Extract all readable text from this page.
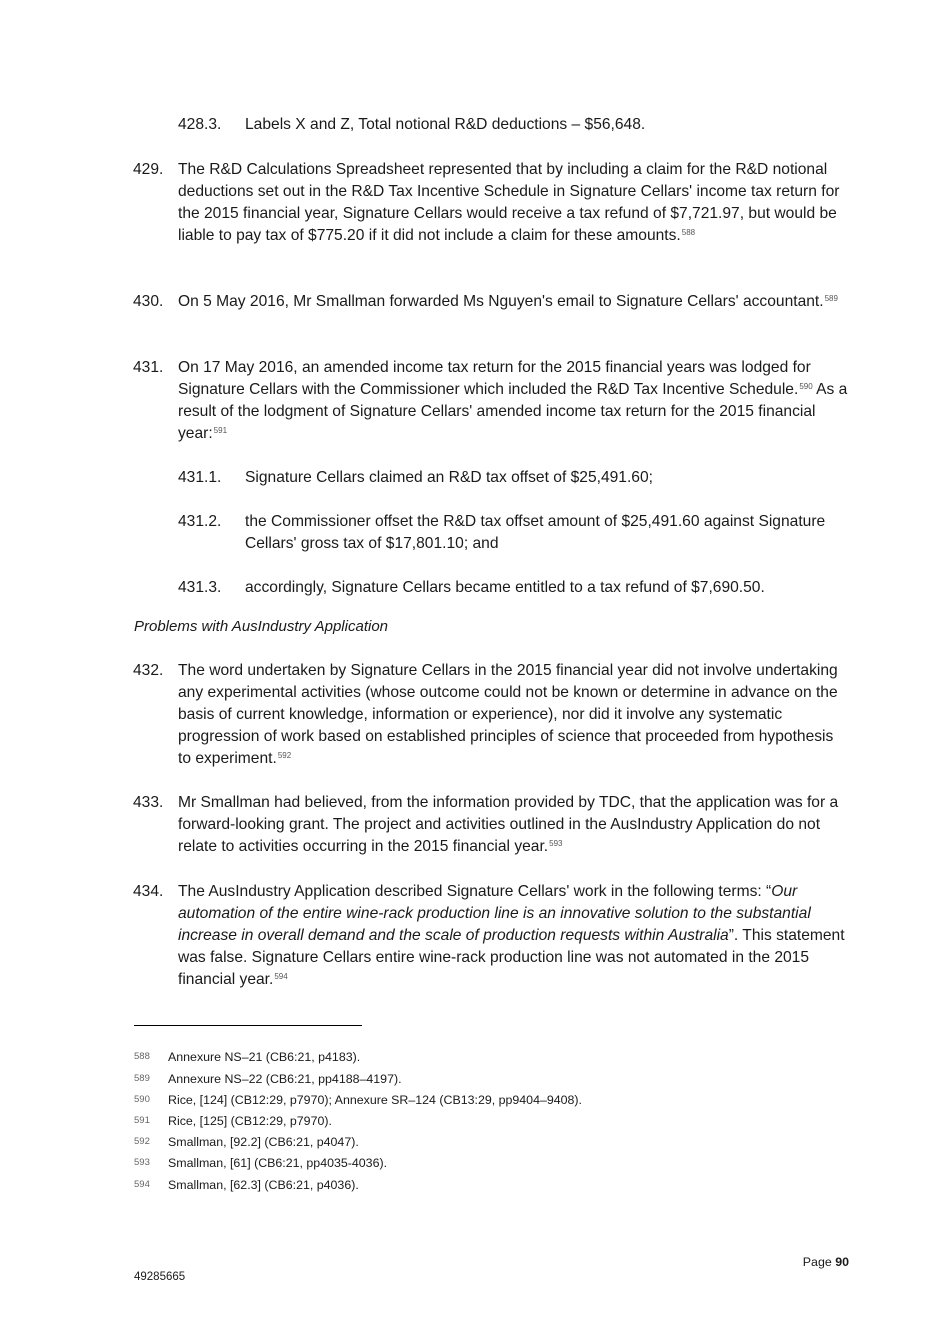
428.3. Labels X and Z, Total notional R&D deductions – $56,648.
429. The R&D Calculations Spreadsheet represented that by including a claim for the R&D notional deductions set out in the R&D Tax Incentive Schedule in Signature Cellars' income tax return for the 2015 financial year, Signature Cellars would receive a tax refund of $7,721.97, but would be liable to pay tax of $775.20 if it did not include a claim for these amounts.$^{588}$
430. On 5 May 2016, Mr Smallman forwarded Ms Nguyen's email to Signature Cellars' accountant.$^{589}$
431. On 17 May 2016, an amended income tax return for the 2015 financial years was lodged for Signature Cellars with the Commissioner which included the R&D Tax Incentive Schedule.$^{590}$ As a result of the lodgment of Signature Cellars' amended income tax return for the 2015 financial year:$^{591}$
431.1. Signature Cellars claimed an R&D tax offset of $25,491.60;
431.2. the Commissioner offset the R&D tax offset amount of $25,491.60 against Signature Cellars' gross tax of $17,801.10; and
431.3. accordingly, Signature Cellars became entitled to a tax refund of $7,690.50.
Problems with AusIndustry Application
432. The word undertaken by Signature Cellars in the 2015 financial year did not involve undertaking any experimental activities (whose outcome could not be known or determine in advance on the basis of current knowledge, information or experience), nor did it involve any systematic progression of work based on established principles of science that proceeded from hypothesis to experiment.$^{592}$
433. Mr Smallman had believed, from the information provided by TDC, that the application was for a forward-looking grant. The project and activities outlined in the AusIndustry Application do not relate to activities occurring in the 2015 financial year.$^{593}$
434. The AusIndustry Application described Signature Cellars' work in the following terms: “Our automation of the entire wine-rack production line is an innovative solution to the substantial increase in overall demand and the scale of production requests within Australia”. This statement was false. Signature Cellars entire wine-rack production line was not automated in the 2015 financial year.$^{594}$
588 Annexure NS–21 (CB6:21, p4183).
589 Annexure NS–22 (CB6:21, pp4188–4197).
590 Rice, [124] (CB12:29, p7970); Annexure SR–124 (CB13:29, pp9404–9408).
591 Rice, [125] (CB12:29, p7970).
592 Smallman, [92.2] (CB6:21, p4047).
593 Smallman, [61] (CB6:21, pp4035-4036).
594 Smallman, [62.3] (CB6:21, p4036).
Page 90
49285665
